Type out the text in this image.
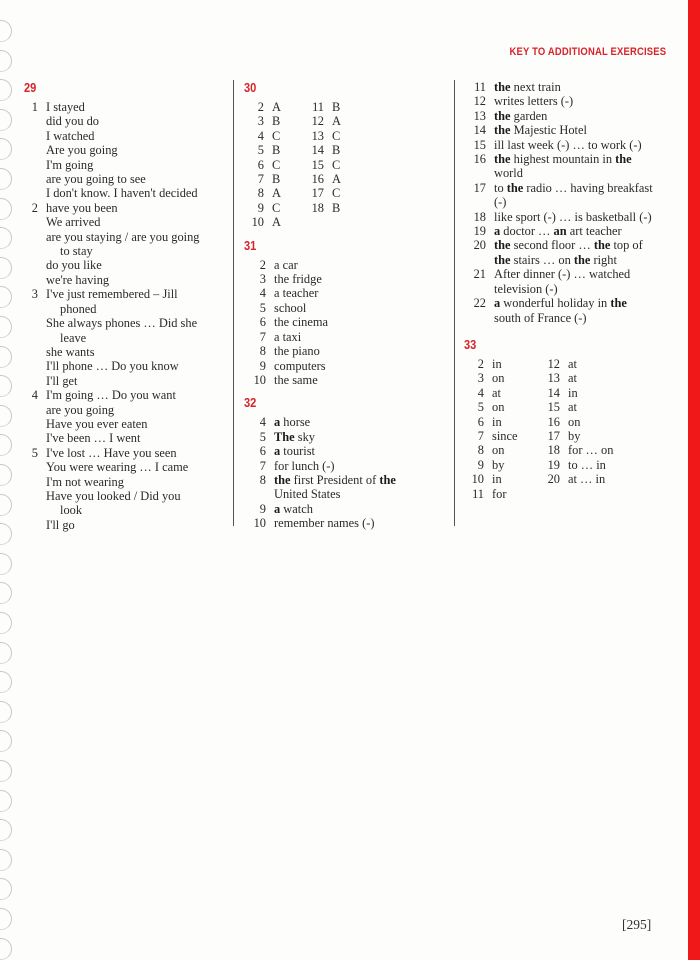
KEY TO ADDITIONAL EXERCISES
29
1 I stayed
did you do
I watched
Are you going
I'm going
are you going to see
I don't know. I haven't decided
2 have you been
We arrived
are you staying / are you going
to stay
do you like
we're having
3 I've just remembered – Jill
phoned
She always phones … Did she
leave
she wants
I'll phone … Do you know
I'll get
4 I'm going … Do you want
are you going
Have you ever eaten
I've been … I went
5 I've lost … Have you seen
You were wearing … I came
I'm not wearing
Have you looked / Did you
look
I'll go
30
2 A
3 B
4 C
5 B
6 C
7 B
8 A
9 C
10 A
11 B
12 A
13 C
14 B
15 C
16 A
17 C
18 B
31
2 a car
3 the fridge
4 a teacher
5 school
6 the cinema
7 a taxi
8 the piano
9 computers
10 the same
32
4 a horse
5 The sky
6 a tourist
7 for lunch (-)
8 the first President of the
United States
9 a watch
10 remember names (-)
11 the next train
12 writes letters (-)
13 the garden
14 the Majestic Hotel
15 ill last week (-) … to work (-)
16 the highest mountain in the
world
17 to the radio … having breakfast
(-)
18 like sport (-) … is basketball (-)
19 a doctor … an art teacher
20 the second floor … the top of
the stairs … on the right
21 After dinner (-) … watched
television (-)
22 a wonderful holiday in the
south of France (-)
33
2 in
3 on
4 at
5 on
6 in
7 since
8 on
9 by
10 in
11 for
12 at
13 at
14 in
15 at
16 on
17 by
18 for … on
19 to … in
20 at … in
[295]
